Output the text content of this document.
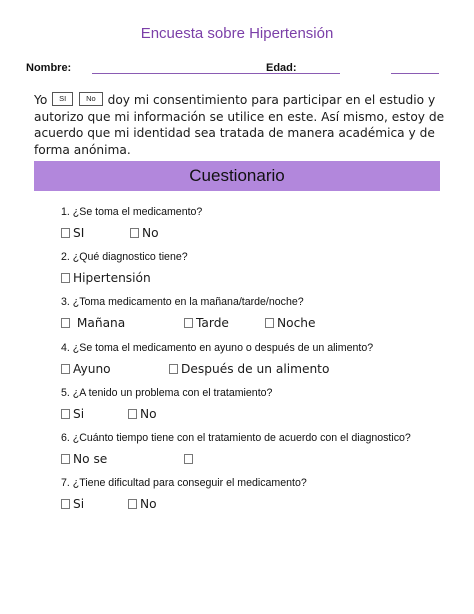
Encuesta sobre Hipertensión
Nombre:	Edad:
Yo SI	No doy mi consentimiento para participar en el estudio y autorizo que mi información se utilice en este. Así mismo, estoy de acuerdo que mi identidad sea tratada de manera académica y de forma anónima.
Cuestionario
1. ¿Se toma el medicamento?
SI	No
2. ¿Qué diagnostico tiene?
Hipertensión
3. ¿Toma medicamento en la mañana/tarde/noche?
Mañana	Tarde	Noche
4. ¿Se toma el medicamento en ayuno o después de un alimento?
Ayuno	Después de un alimento
5. ¿A tenido un problema con el tratamiento?
Si	No
6. ¿Cuánto tiempo tiene con el tratamiento de acuerdo con el diagnostico?
No se
7. ¿Tiene dificultad para conseguir el medicamento?
Si	No
